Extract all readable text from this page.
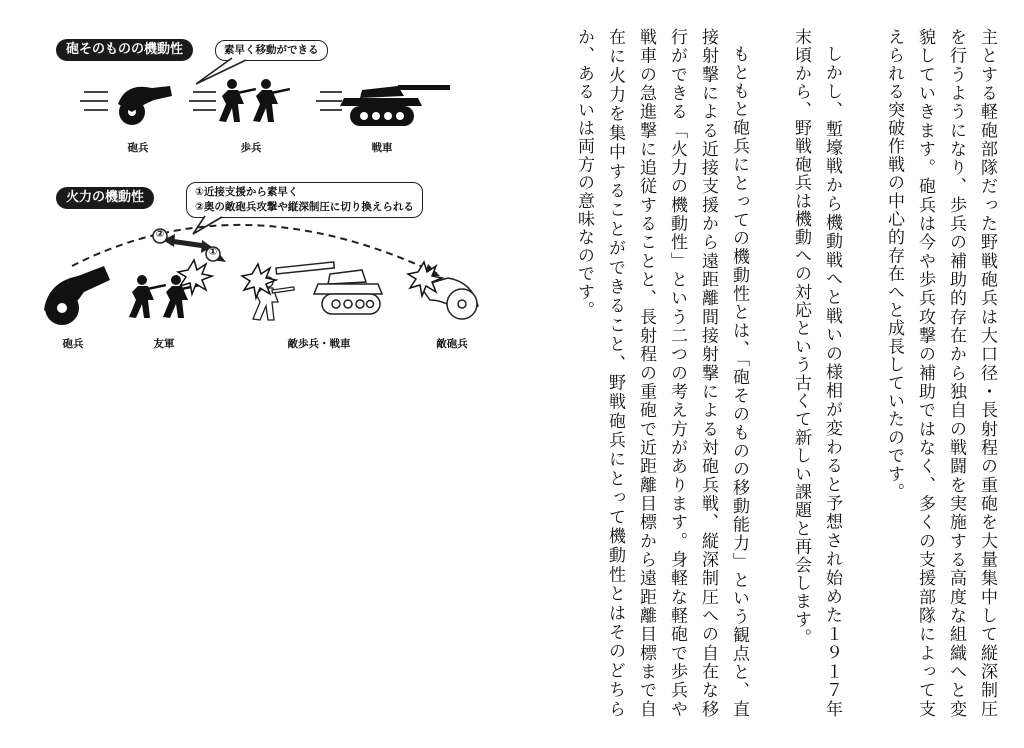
砲そのものの機動性	素早く移動ができる
火力の機動性	①近接支援から素早く
②奥の敵砲兵攻撃や縦深制圧に切り換えられる
②
①
砲兵	歩兵	戦車
砲兵	友軍	敵歩兵・戦車	敵砲兵	主とする軽砲部隊だった野戦砲兵は大口径・長射程の重砲を大量集中して縦深制圧を行うようになり、歩兵の補助的存在から独自の戦闘を実施する高度な組織へと変貌していきます。砲兵は今や歩兵攻撃の補助ではなく、多くの支援部隊によって支えられる突破作戦の中心的存在へと成長していたのです。

しかし、塹壕戦から機動戦へと戦いの様相が変わると予想され始めた１９１７年末頃から、野戦砲兵は機動への対応という古くて新しい課題と再会します。

もともと砲兵にとっての機動性とは、「砲そのものの移動能力」という観点と、直接射撃による近接支援から遠距離間接射撃による対砲兵戦、縦深制圧への自在な移行ができる「火力の機動性」という二つの考え方があります。身軽な軽砲で歩兵や戦車の急進撃に追従することと、長射程の重砲で近距離目標から遠距離目標まで自在に火力を集中することができること、野戦砲兵にとって機動性とはそのどちらか、あるいは両方の意味なのです。
